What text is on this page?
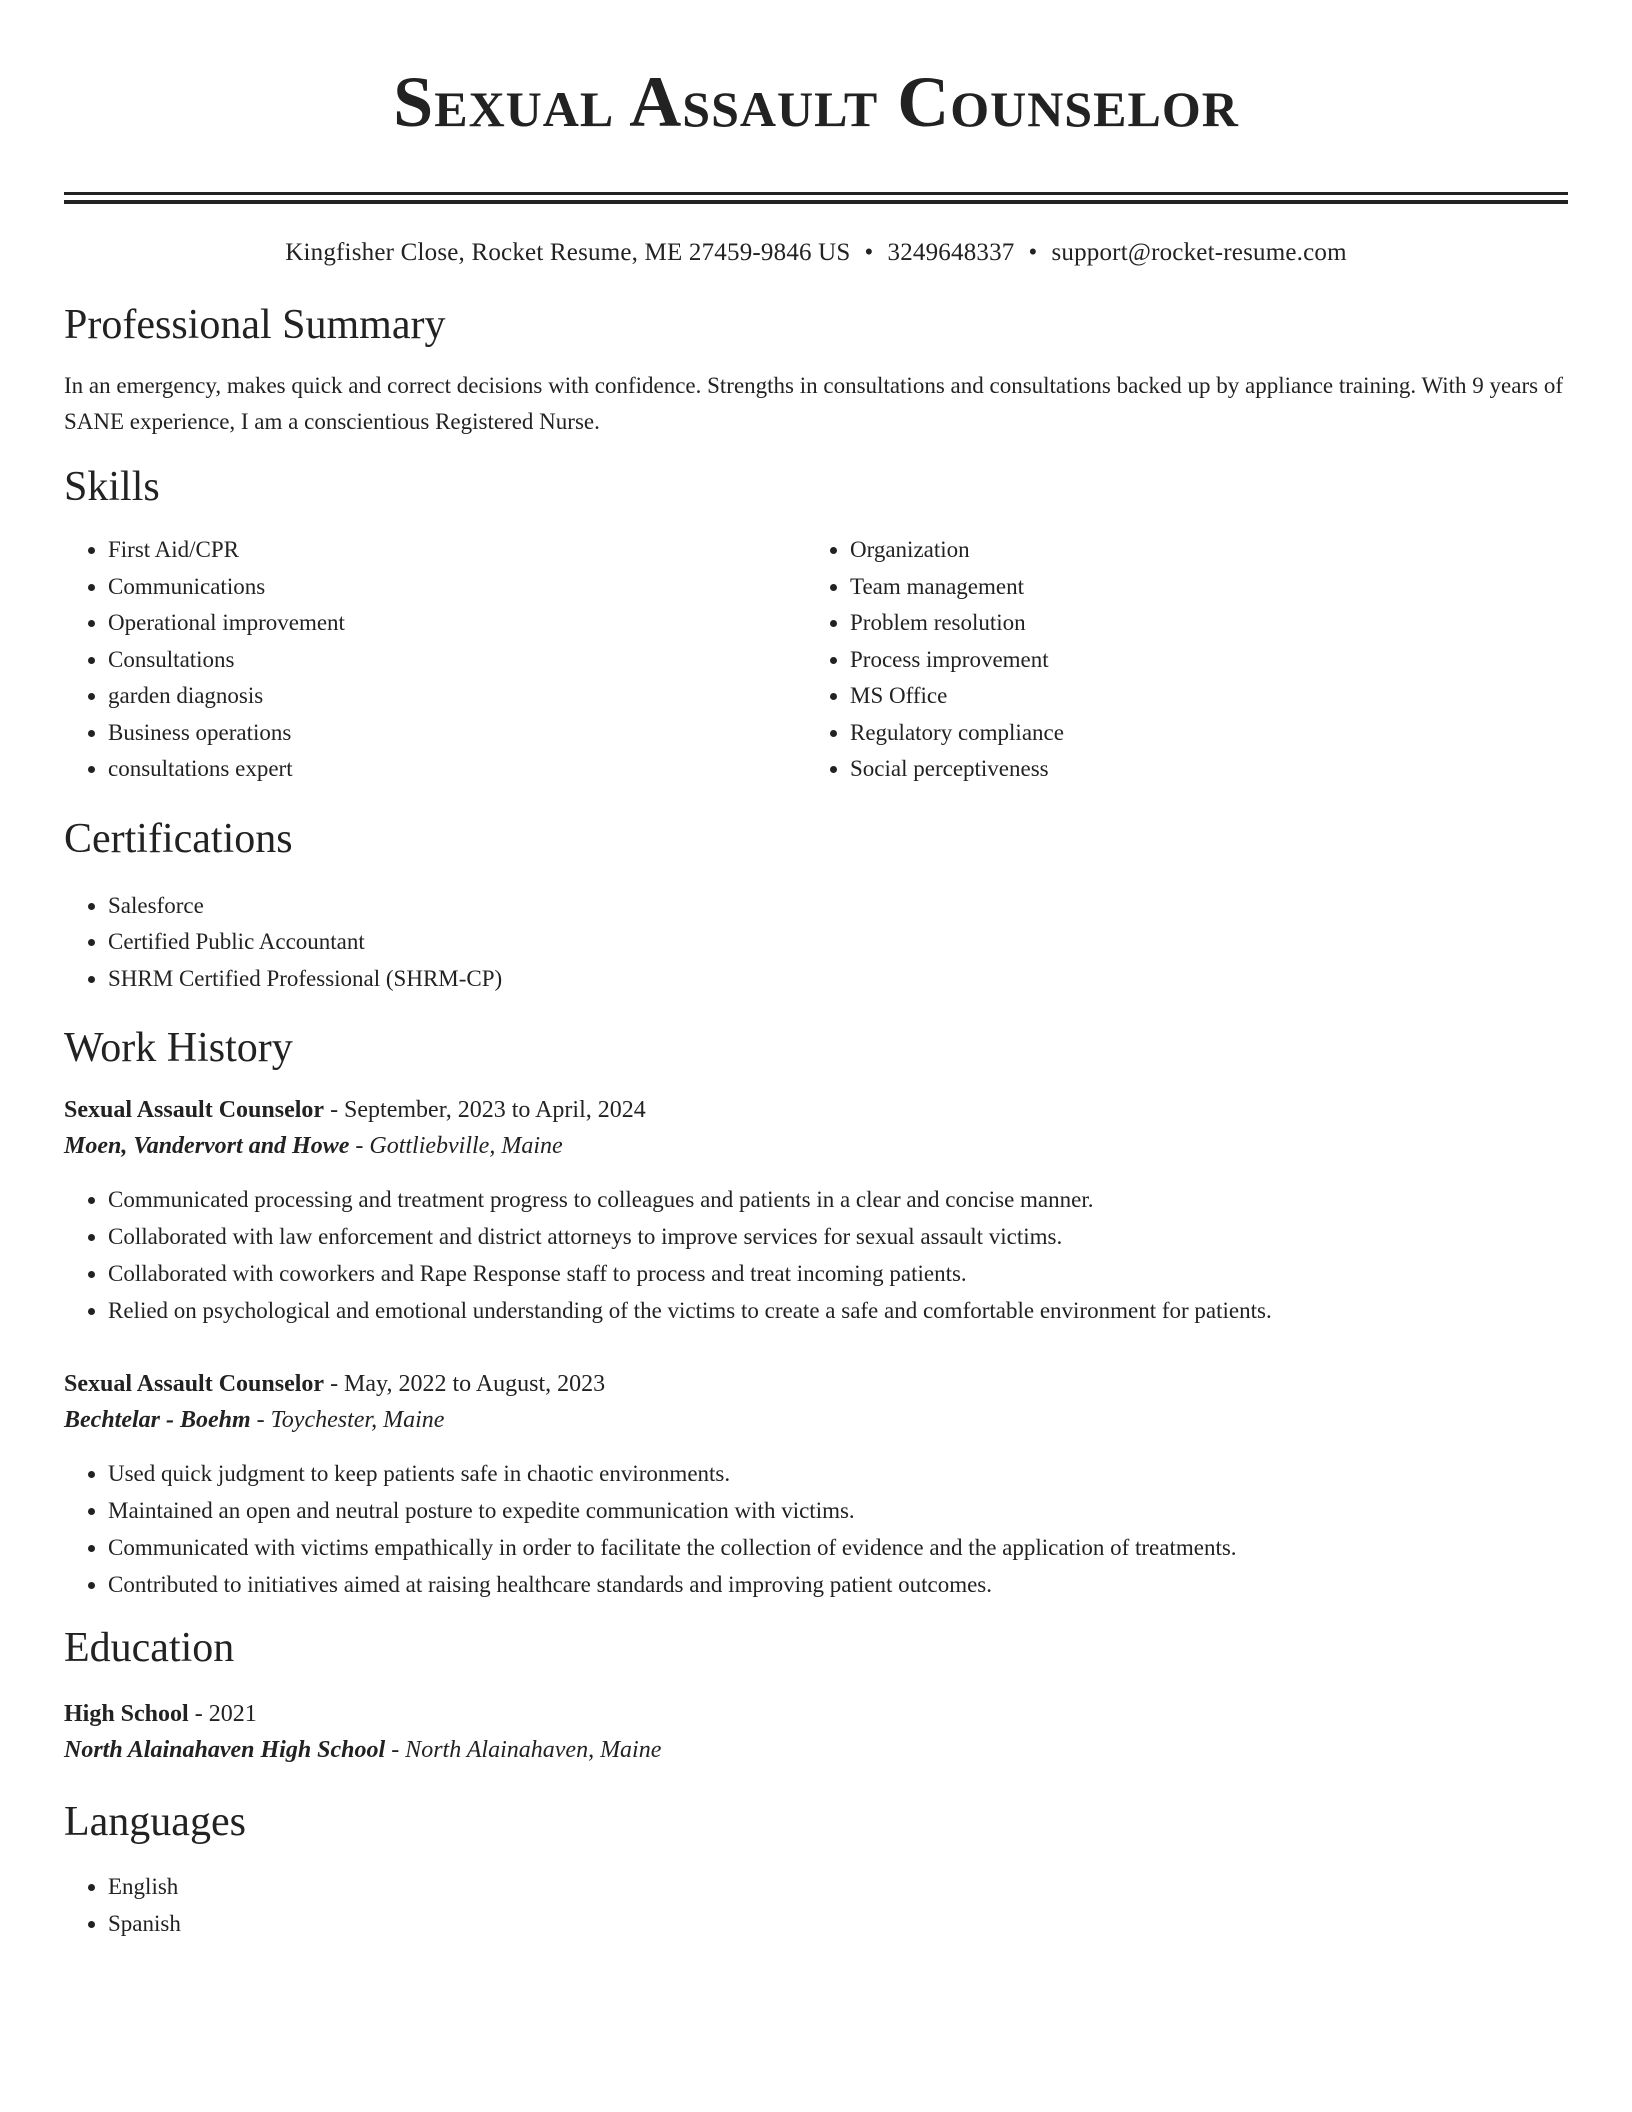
Sexual Assault Counselor
Kingfisher Close, Rocket Resume, ME 27459-9846 US • 3249648337 • support@rocket-resume.com
Professional Summary

In an emergency, makes quick and correct decisions with confidence. Strengths in consultations and consultations backed up by appliance training. With 9 years of SANE experience, I am a conscientious Registered Nurse.

Skills
• First Aid/CPR
• Communications
• Operational improvement
• Consultations
• garden diagnosis
• Business operations
• consultations expert
• Organization
• Team management
• Problem resolution
• Process improvement
• MS Office
• Regulatory compliance
• Social perceptiveness
Certifications
• Salesforce
• Certified Public Accountant
• SHRM Certified Professional (SHRM-CP)
Work History
Sexual Assault Counselor - September, 2023 to April, 2024
Moen, Vandervort and Howe - Gottliebville, Maine
• Communicated processing and treatment progress to colleagues and patients in a clear and concise manner.
• Collaborated with law enforcement and district attorneys to improve services for sexual assault victims.
• Collaborated with coworkers and Rape Response staff to process and treat incoming patients.
• Relied on psychological and emotional understanding of the victims to create a safe and comfortable environment for patients.
Sexual Assault Counselor - May, 2022 to August, 2023
Bechtelar - Boehm - Toychester, Maine
• Used quick judgment to keep patients safe in chaotic environments.
• Maintained an open and neutral posture to expedite communication with victims.
• Communicated with victims empathically in order to facilitate the collection of evidence and the application of treatments.
• Contributed to initiatives aimed at raising healthcare standards and improving patient outcomes.
Education
High School - 2021
North Alainahaven High School - North Alainahaven, Maine
Languages
• English
• Spanish
